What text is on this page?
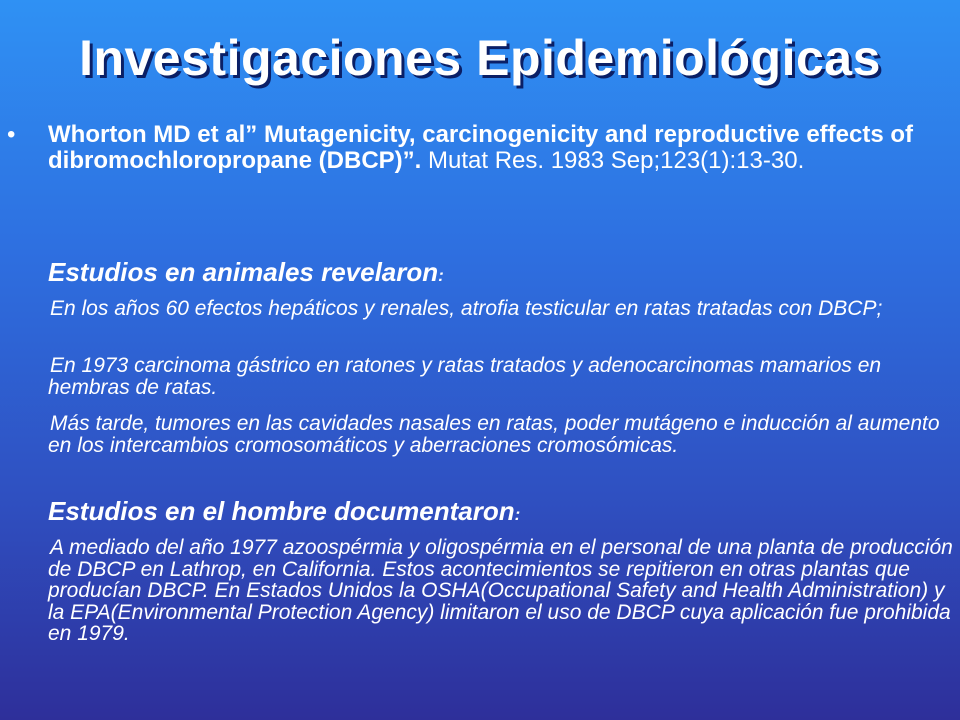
Investigaciones Epidemiológicas
• Whorton MD et al” Mutagenicity, carcinogenicity and reproductive effects of dibromochloropropane (DBCP)”. Mutat Res. 1983 Sep;123(1):13-30.
Estudios en animales revelaron:
En los años 60 efectos hepáticos y renales, atrofia testicular en ratas tratadas con DBCP;
En 1973 carcinoma gástrico en ratones y ratas tratados y adenocarcinomas mamarios en hembras de ratas.
Más tarde, tumores en las cavidades nasales en ratas, poder mutágeno e inducción al aumento en los intercambios cromosomáticos y aberraciones cromosómicas.
Estudios en el hombre documentaron:
A mediado del año 1977 azoospérmia y oligospérmia en el personal de una planta de producción de DBCP en Lathrop, en California. Estos acontecimientos se repitieron en otras plantas que producían DBCP. En Estados Unidos la OSHA(Occupational Safety and Health Administration) y la EPA(Environmental Protection Agency) limitaron el uso de DBCP cuya aplicación fue prohibida en 1979.
